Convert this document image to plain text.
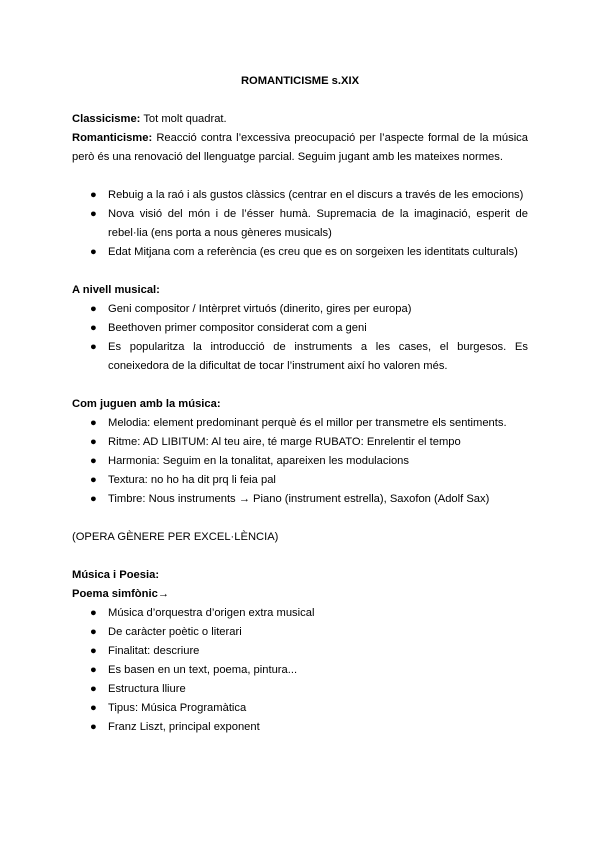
ROMANTICISME s.XIX

Classicisme: Tot molt quadrat.

Romanticisme: Reacció contra l’excessiva preocupació per l’aspecte formal de la música però és una renovació del llenguatge parcial. Seguim jugant amb les mateixes normes.

● Rebuig a la raó i als gustos clàssics (centrar en el discurs a través de les emocions)
● Nova visió del món i de l’ésser humà. Supremacia de la imaginació, esperit de rebel·lia (ens porta a nous gèneres musicals)
● Edat Mitjana com a referència (es creu que es on sorgeixen les identitats culturals)

A nivell musical:

● Geni compositor / Intèrpret virtuós (dinerito, gires per europa)
● Beethoven primer compositor considerat com a geni
● Es popularitza la introducció de instruments a les cases, el burgesos. Es coneixedora de la dificultat de tocar l’instrument així ho valoren més.

Com juguen amb la música:

● Melodia: element predominant perquè és el millor per transmetre els sentiments.
● Ritme: AD LIBITUM: Al teu aire, té marge RUBATO: Enrelentir el tempo
● Harmonia: Seguim en la tonalitat, apareixen les modulacions
● Textura: no ho ha dit prq li feia pal
● Timbre: Nous instruments → Piano (instrument estrella), Saxofon (Adolf Sax)

(OPERA GÈNERE PER EXCEL·LÈNCIA)

Música i Poesia:

Poema simfònic→

● Música d’orquestra d’origen extra musical
● De caràcter poètic o literari
● Finalitat: descriure
● Es basen en un text, poema, pintura...
● Estructura lliure
● Tipus: Música Programàtica
● Franz Liszt, principal exponent
